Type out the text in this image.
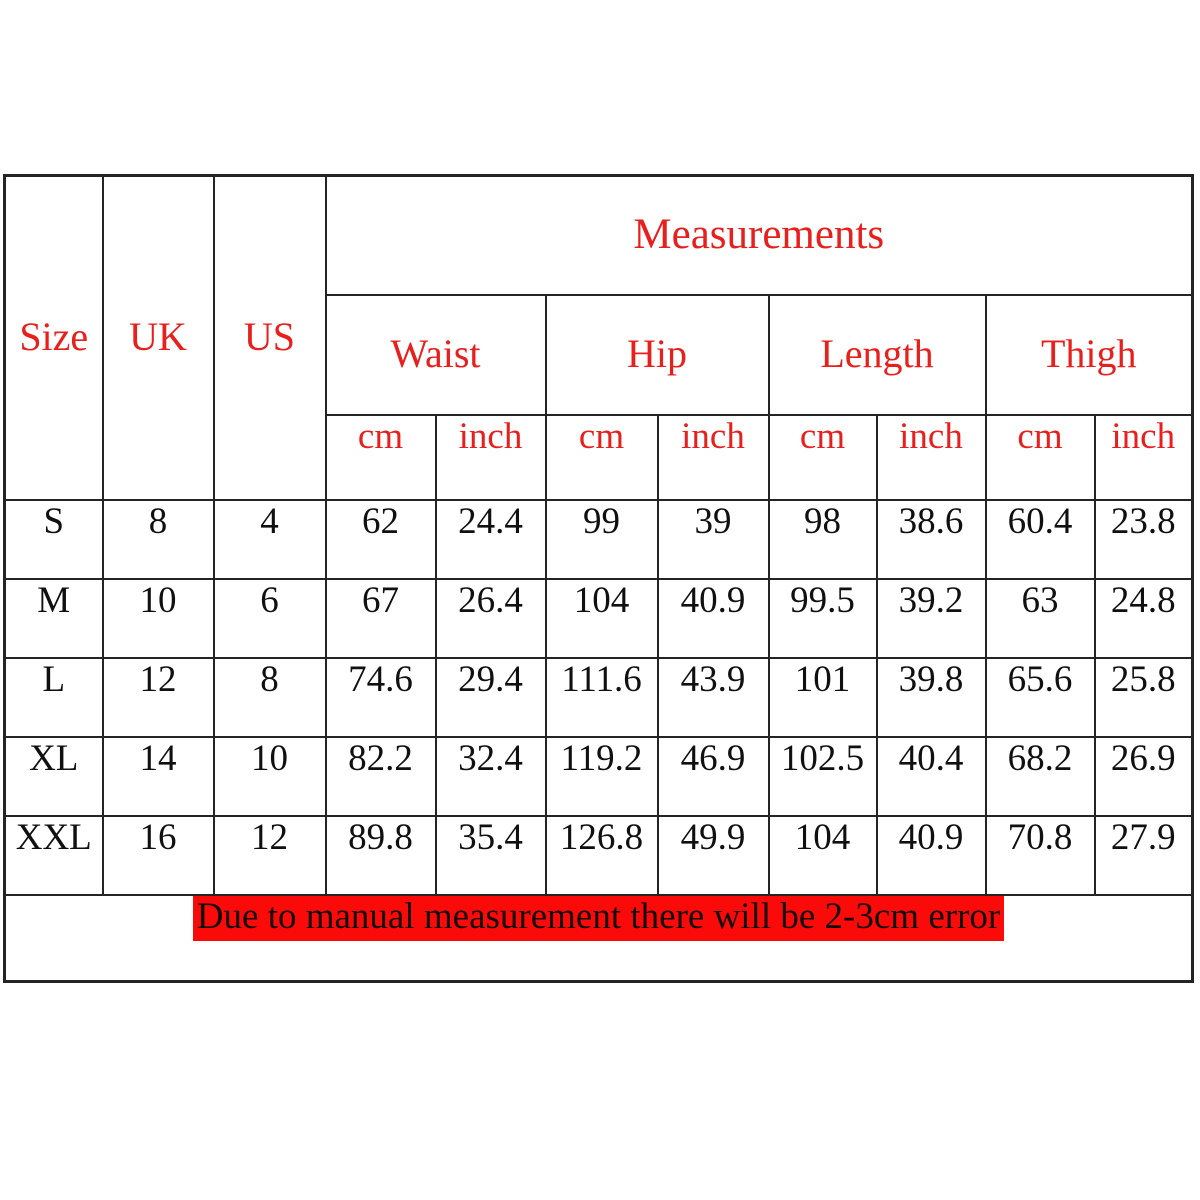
Size	UK	US	Measurements							
			Waist		Hip		Length		Thigh	
			cm	inch	cm	inch	cm	inch	cm	inch
S	8	4	62	24.4	99	39	98	38.6	60.4	23.8
M	10	6	67	26.4	104	40.9	99.5	39.2	63	24.8
L	12	8	74.6	29.4	111.6	43.9	101	39.8	65.6	25.8
XL	14	10	82.2	32.4	119.2	46.9	102.5	40.4	68.2	26.9
XXL	16	12	89.8	35.4	126.8	49.9	104	40.9	70.8	27.9
Due to manual measurement there will be 2-3cm error										
